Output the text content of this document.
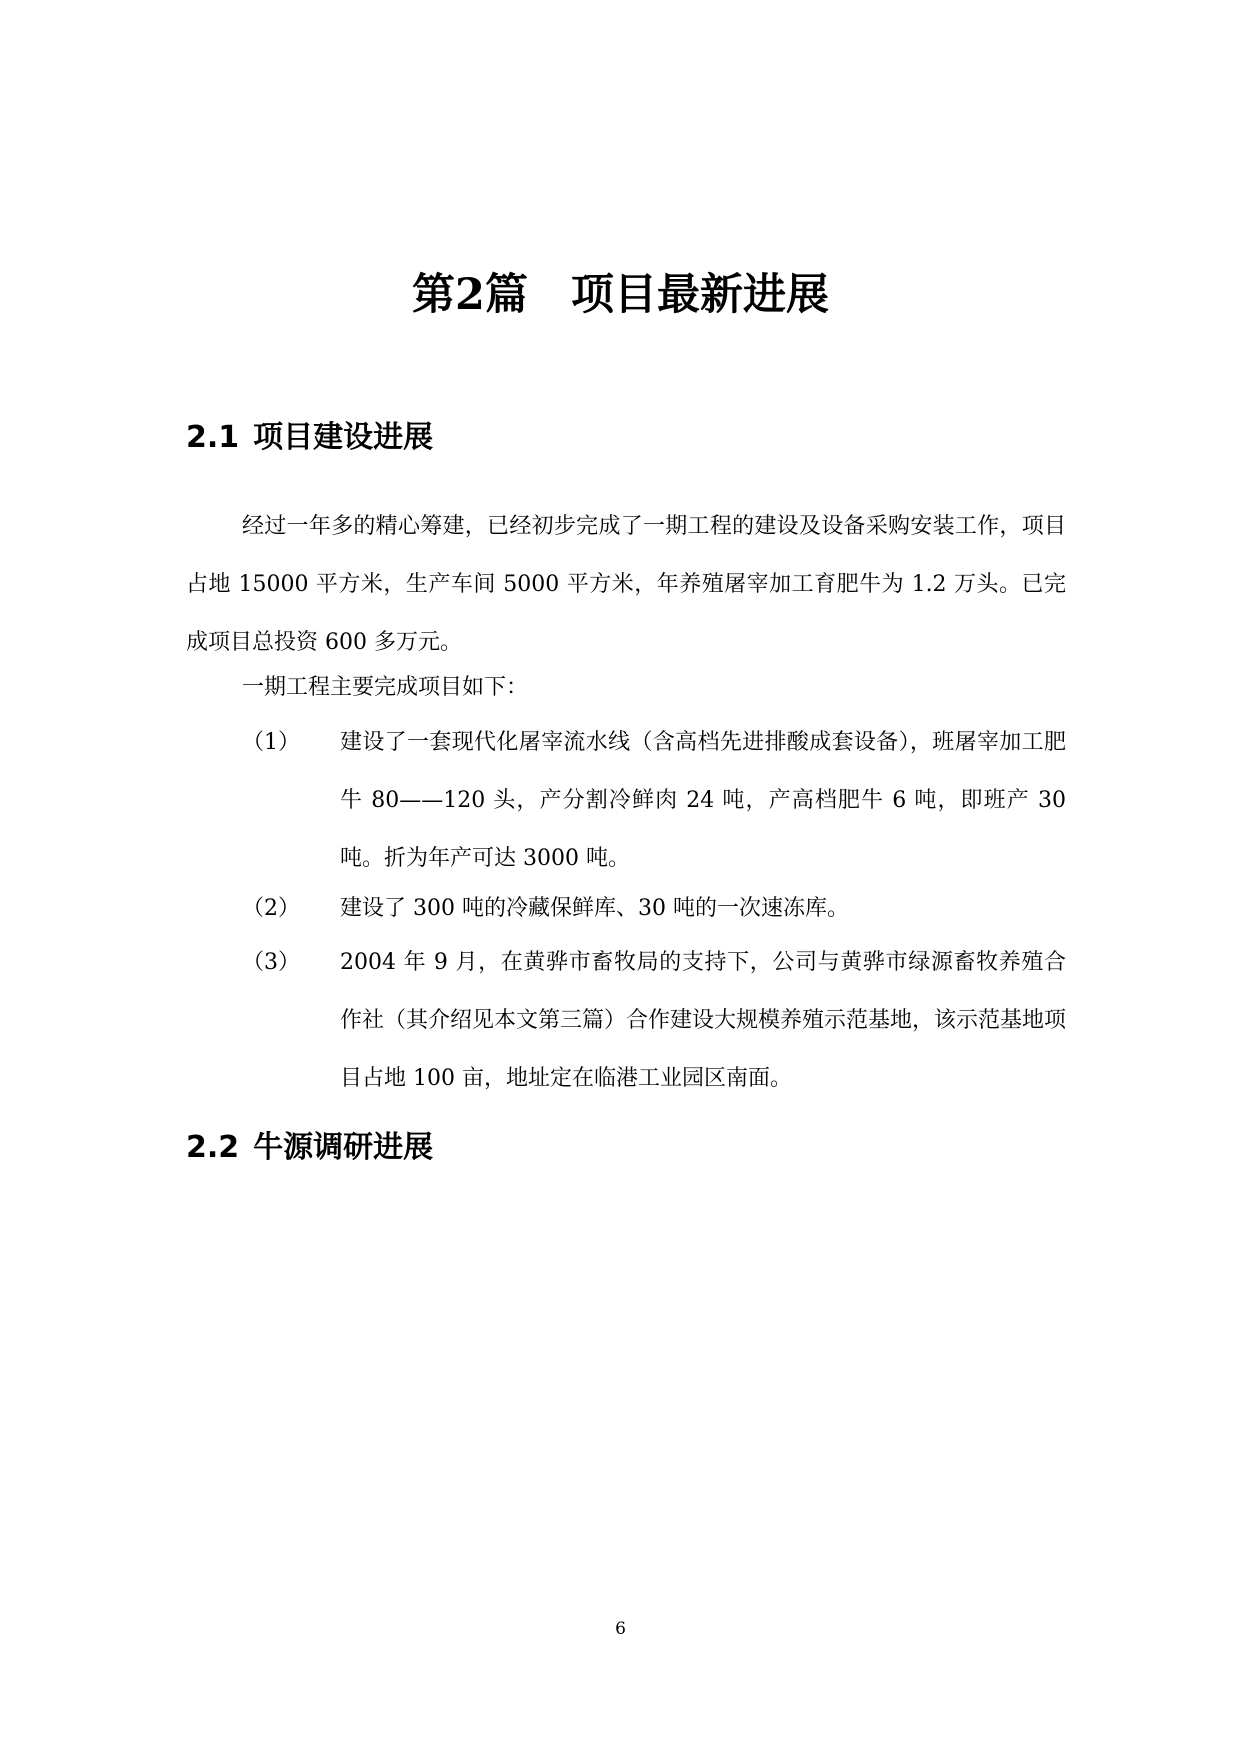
第2篇　项目最新进展
2.1 项目建设进展

经过一年多的精心筹建，已经初步完成了一期工程的建设及设备采购安装工作，项目占地 15000 平方米，生产车间 5000 平方米，年养殖屠宰加工育肥牛为 1.2 万头。已完成项目总投资 600 多万元。

一期工程主要完成项目如下：

（1） 建设了一套现代化屠宰流水线（含高档先进排酸成套设备），班屠宰加工肥牛 80——120 头，产分割冷鲜肉 24 吨，产高档肥牛 6 吨，即班产 30 吨。折为年产可达 3000 吨。

（2） 建设了 300 吨的冷藏保鲜库、30 吨的一次速冻库。

（3） 2004 年 9 月，在黄骅市畜牧局的支持下，公司与黄骅市绿源畜牧养殖合作社（其介绍见本文第三篇）合作建设大规模养殖示范基地，该示范基地项目占地 100 亩，地址定在临港工业园区南面。

2.2 牛源调研进展
6
